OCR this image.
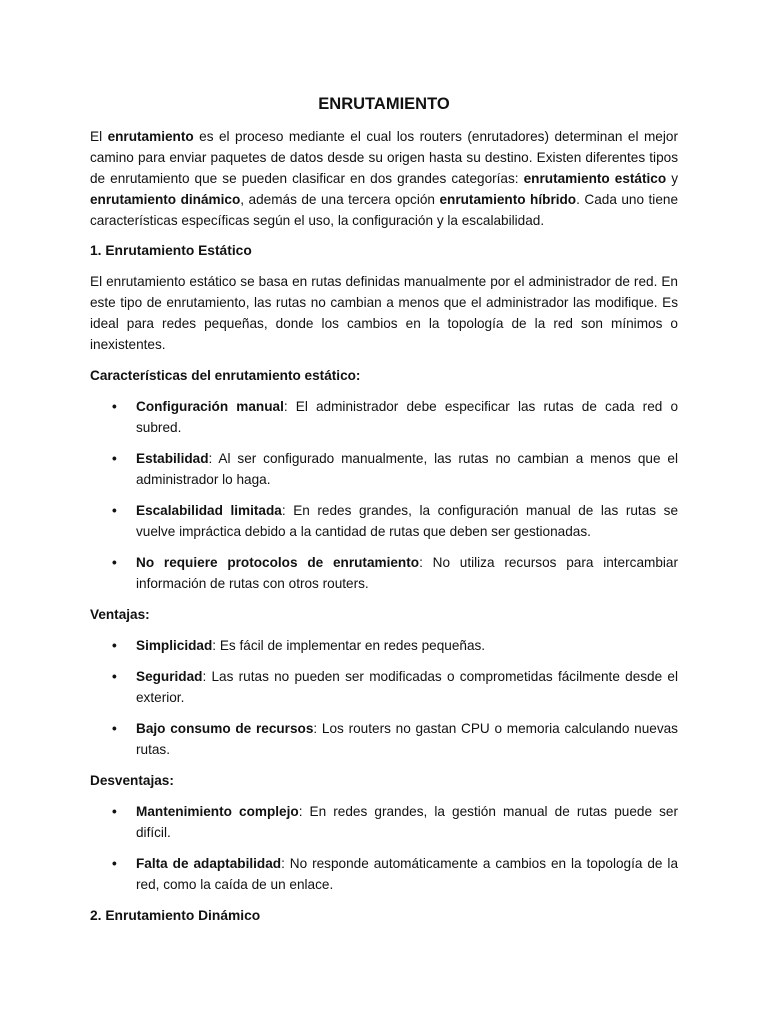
ENRUTAMIENTO

El enrutamiento es el proceso mediante el cual los routers (enrutadores) determinan el mejor camino para enviar paquetes de datos desde su origen hasta su destino. Existen diferentes tipos de enrutamiento que se pueden clasificar en dos grandes categorías: enrutamiento estático y enrutamiento dinámico, además de una tercera opción enrutamiento híbrido. Cada uno tiene características específicas según el uso, la configuración y la escalabilidad.

1. Enrutamiento Estático

El enrutamiento estático se basa en rutas definidas manualmente por el administrador de red. En este tipo de enrutamiento, las rutas no cambian a menos que el administrador las modifique. Es ideal para redes pequeñas, donde los cambios en la topología de la red son mínimos o inexistentes.

Características del enrutamiento estático:
• Configuración manual: El administrador debe especificar las rutas de cada red o subred.
• Estabilidad: Al ser configurado manualmente, las rutas no cambian a menos que el administrador lo haga.
• Escalabilidad limitada: En redes grandes, la configuración manual de las rutas se vuelve impráctica debido a la cantidad de rutas que deben ser gestionadas.
• No requiere protocolos de enrutamiento: No utiliza recursos para intercambiar información de rutas con otros routers.
Ventajas:
• Simplicidad: Es fácil de implementar en redes pequeñas.
• Seguridad: Las rutas no pueden ser modificadas o comprometidas fácilmente desde el exterior.
• Bajo consumo de recursos: Los routers no gastan CPU o memoria calculando nuevas rutas.
Desventajas:
• Mantenimiento complejo: En redes grandes, la gestión manual de rutas puede ser difícil.
• Falta de adaptabilidad: No responde automáticamente a cambios en la topología de la red, como la caída de un enlace.
2. Enrutamiento Dinámico
